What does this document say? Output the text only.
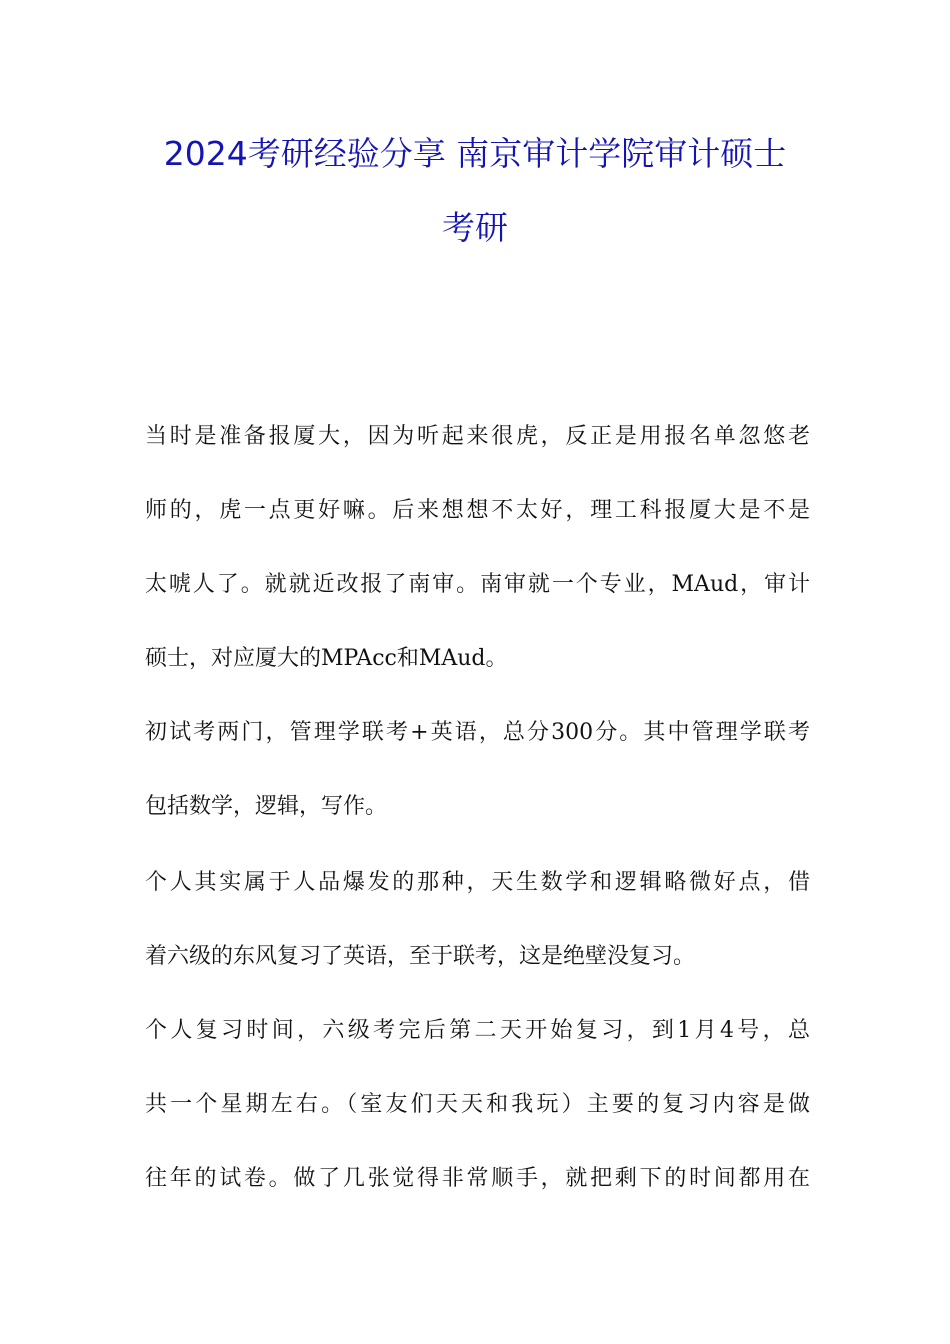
2024考研经验分享 南京审计学院审计硕士
考研
当时是准备报厦大，因为听起来很虎，反正是用报名单忽悠老
师的，虎一点更好嘛。后来想想不太好，理工科报厦大是不是
太唬人了。就就近改报了南审。南审就一个专业，MAud，审计
硕士，对应厦大的MPAcc和MAud。
初试考两门，管理学联考+英语，总分300分。其中管理学联考
包括数学，逻辑，写作。
个人其实属于人品爆发的那种，天生数学和逻辑略微好点，借
着六级的东风复习了英语，至于联考，这是绝壁没复习。
个人复习时间，六级考完后第二天开始复习，到1月4号，总
共一个星期左右。（室友们天天和我玩）主要的复习内容是做
往年的试卷。做了几张觉得非常顺手，就把剩下的时间都用在
